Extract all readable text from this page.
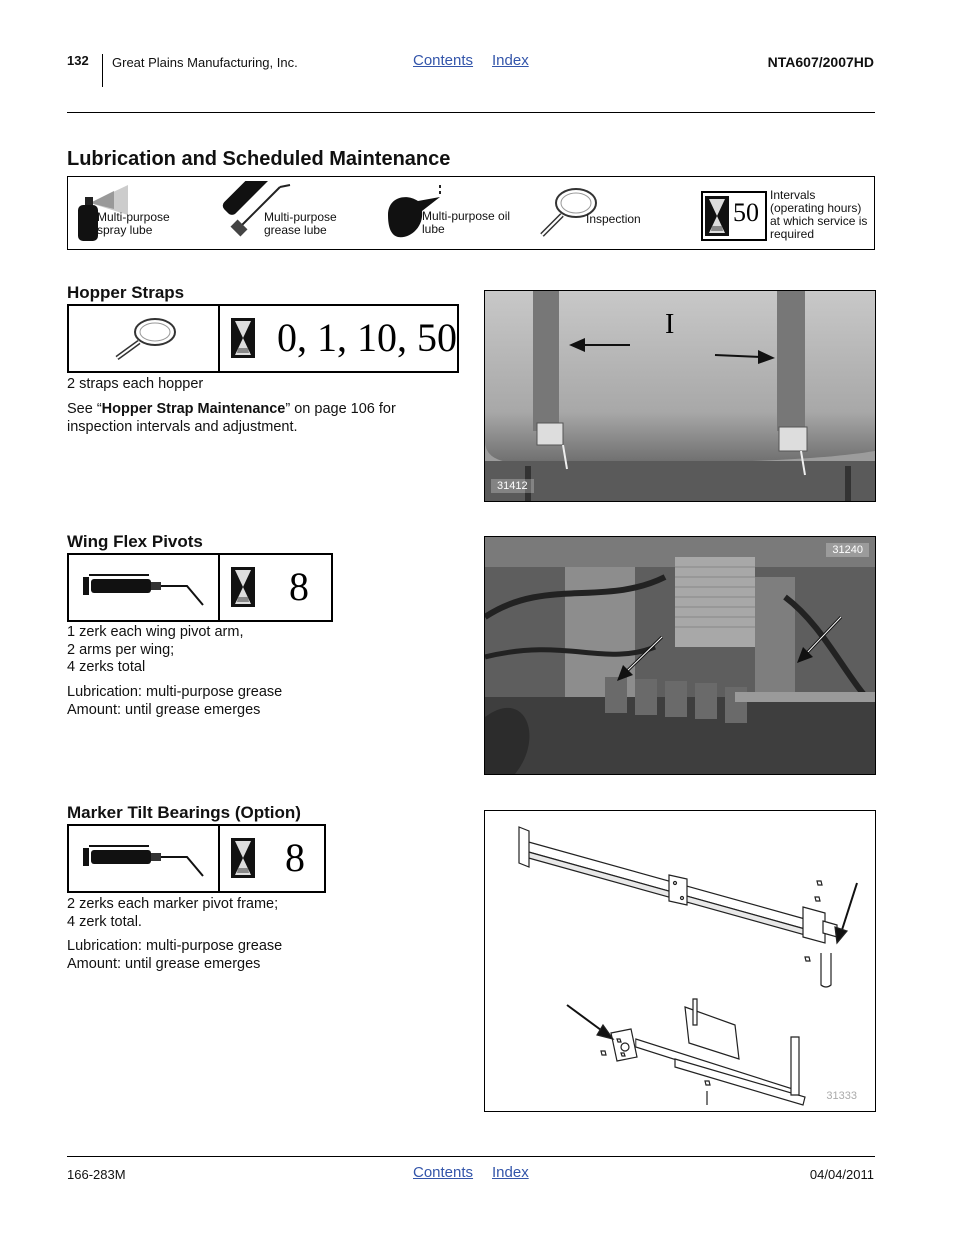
132 Great Plains Manufacturing, Inc.	Contents Index	NTA607/2007HD
Lubrication and Scheduled Maintenance
Multi-purpose spray lube
Multi-purpose grease lube
Multi-purpose oil lube
Inspection	50
Intervals (operating hours) at which service is required
Hopper Straps
0, 1, 10, 50
2 straps each hopper
See “Hopper Strap Maintenance” on page 106 for inspection intervals and adjustment.
I
31412
Wing Flex Pivots
8
1 zerk each wing pivot arm,
2 arms per wing;
4 zerks total
Lubrication: multi-purpose grease
Amount: until grease emerges
31240
Marker Tilt Bearings (Option)
8
2 zerks each marker pivot frame;
4 zerk total.
Lubrication: multi-purpose grease
Amount: until grease emerges
31333
166-283M	Contents Index	04/04/2011
